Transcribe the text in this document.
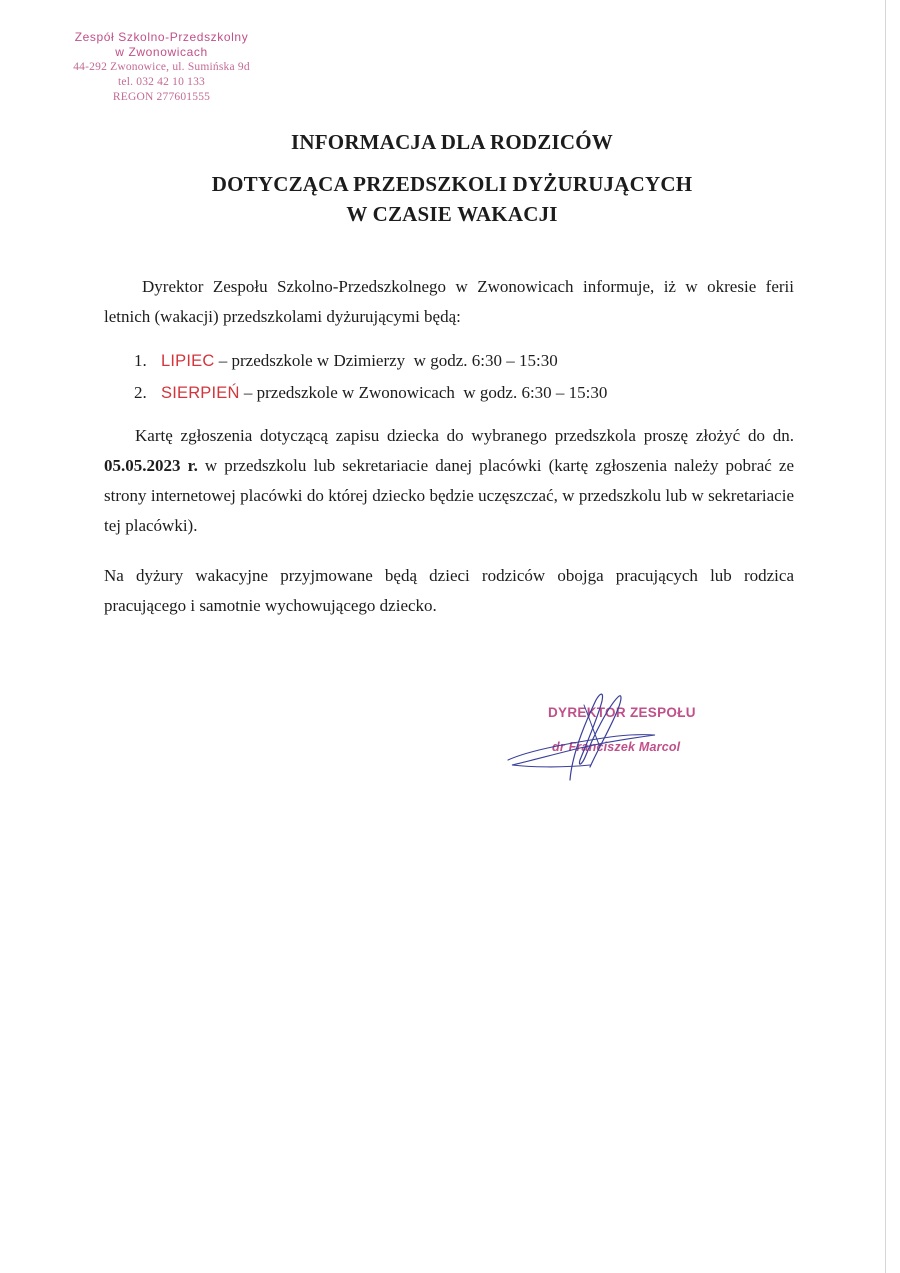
Zespół Szkolno-Przedszkolny
w Zwonowicach
44-292 Zwonowice, ul. Sumińska 9d
tel. 032 42 10 133
REGON 277601555
INFORMACJA DLA RODZICÓW
DOTYCZĄCA PRZEDSZKOLI DYŻURUJĄCYCH
W CZASIE WAKACJI
Dyrektor Zespołu Szkolno-Przedszkolnego w Zwonowicach informuje, iż w okresie ferii letnich (wakacji) przedszkolami dyżurującymi będą:
1. LIPIEC – przedszkole w Dzimierzy  w godz. 6:30 – 15:30
2. SIERPIEŃ – przedszkole w Zwonowicach  w godz. 6:30 – 15:30
Kartę zgłoszenia dotyczącą zapisu dziecka do wybranego przedszkola proszę złożyć do dn. 05.05.2023 r. w przedszkolu lub sekretariacie danej placówki (kartę zgłoszenia należy pobrać ze strony internetowej placówki do której dziecko będzie uczęszczać, w przedszkolu lub w sekretariacie tej placówki).
Na dyżury wakacyjne przyjmowane będą dzieci rodziców obojga pracujących lub rodzica pracującego i samotnie wychowującego dziecko.
DYREKTOR ZESPOŁU
dr Franciszek Marcol
